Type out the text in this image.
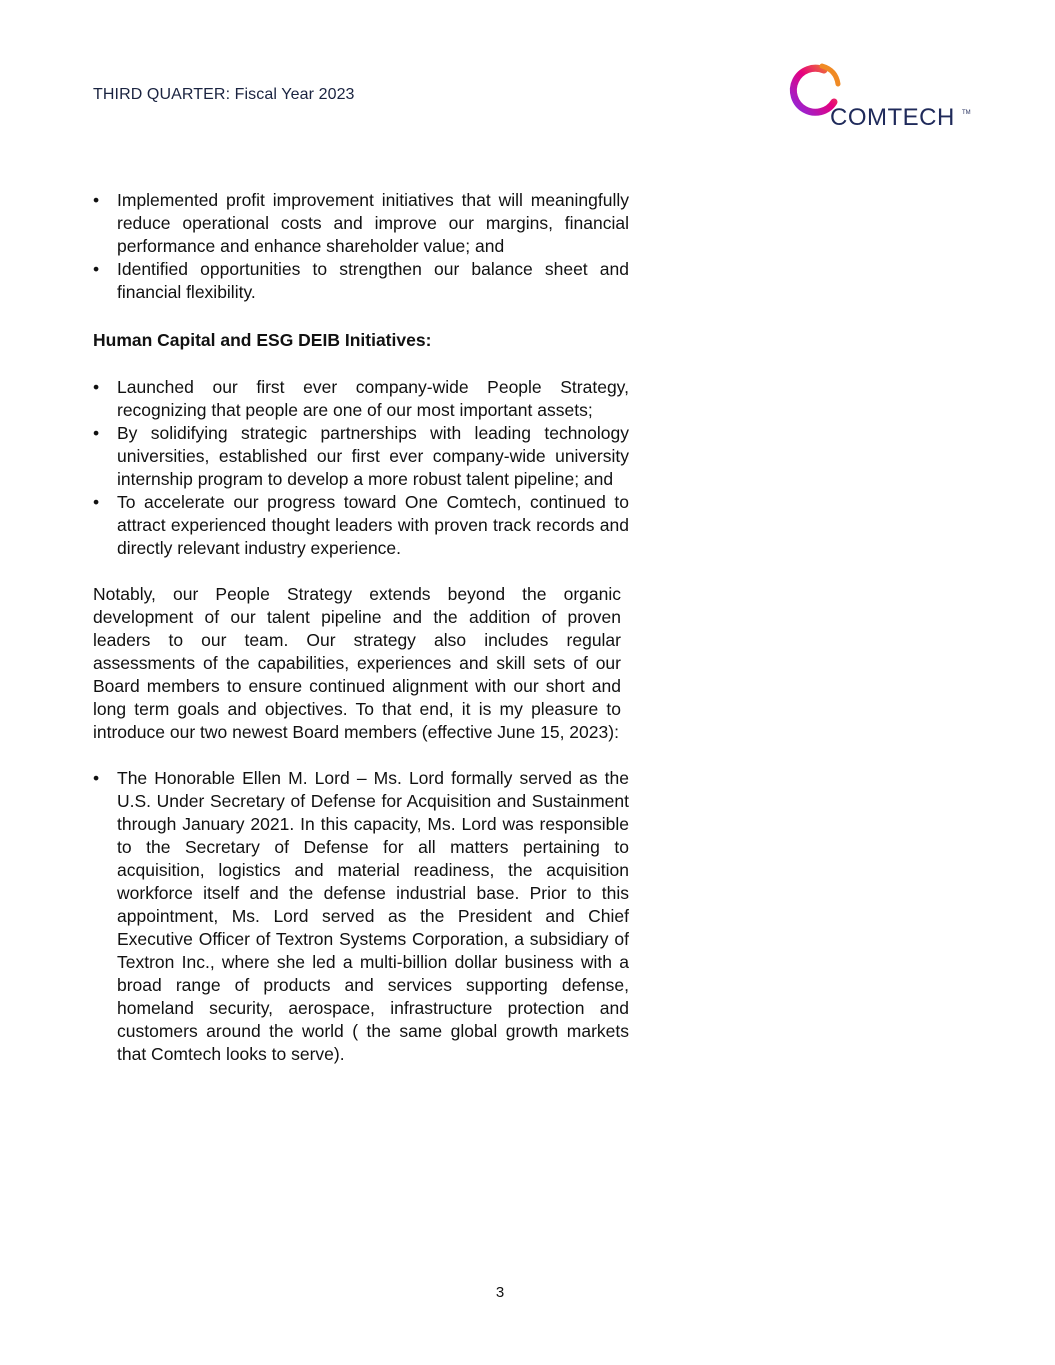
THIRD QUARTER: Fiscal Year 2023
COMTECH TM
• Implemented profit improvement initiatives that will meaningfully reduce operational costs and improve our margins, financial performance and enhance shareholder value; and
• Identified opportunities to strengthen our balance sheet and financial flexibility.
Human Capital and ESG DEIB Initiatives:
• Launched our first ever company-wide People Strategy, recognizing that people are one of our most important assets;
• By solidifying strategic partnerships with leading technology universities, established our first ever company-wide university internship program to develop a more robust talent pipeline; and
• To accelerate our progress toward One Comtech, continued to attract experienced thought leaders with proven track records and directly relevant industry experience.
Notably, our People Strategy extends beyond the organic development of our talent pipeline and the addition of proven leaders to our team. Our strategy also includes regular assessments of the capabilities, experiences and skill sets of our Board members to ensure continued alignment with our short and long term goals and objectives. To that end, it is my pleasure to introduce our two newest Board members (effective June 15, 2023):
• The Honorable Ellen M. Lord – Ms. Lord formally served as the U.S. Under Secretary of Defense for Acquisition and Sustainment through January 2021. In this capacity, Ms. Lord was responsible to the Secretary of Defense for all matters pertaining to acquisition, logistics and material readiness, the acquisition workforce itself and the defense industrial base. Prior to this appointment, Ms. Lord served as the President and Chief Executive Officer of Textron Systems Corporation, a subsidiary of Textron Inc., where she led a multi-billion dollar business with a broad range of products and services supporting defense, homeland security, aerospace, infrastructure protection and customers around the world ( the same global growth markets that Comtech looks to serve).
3
